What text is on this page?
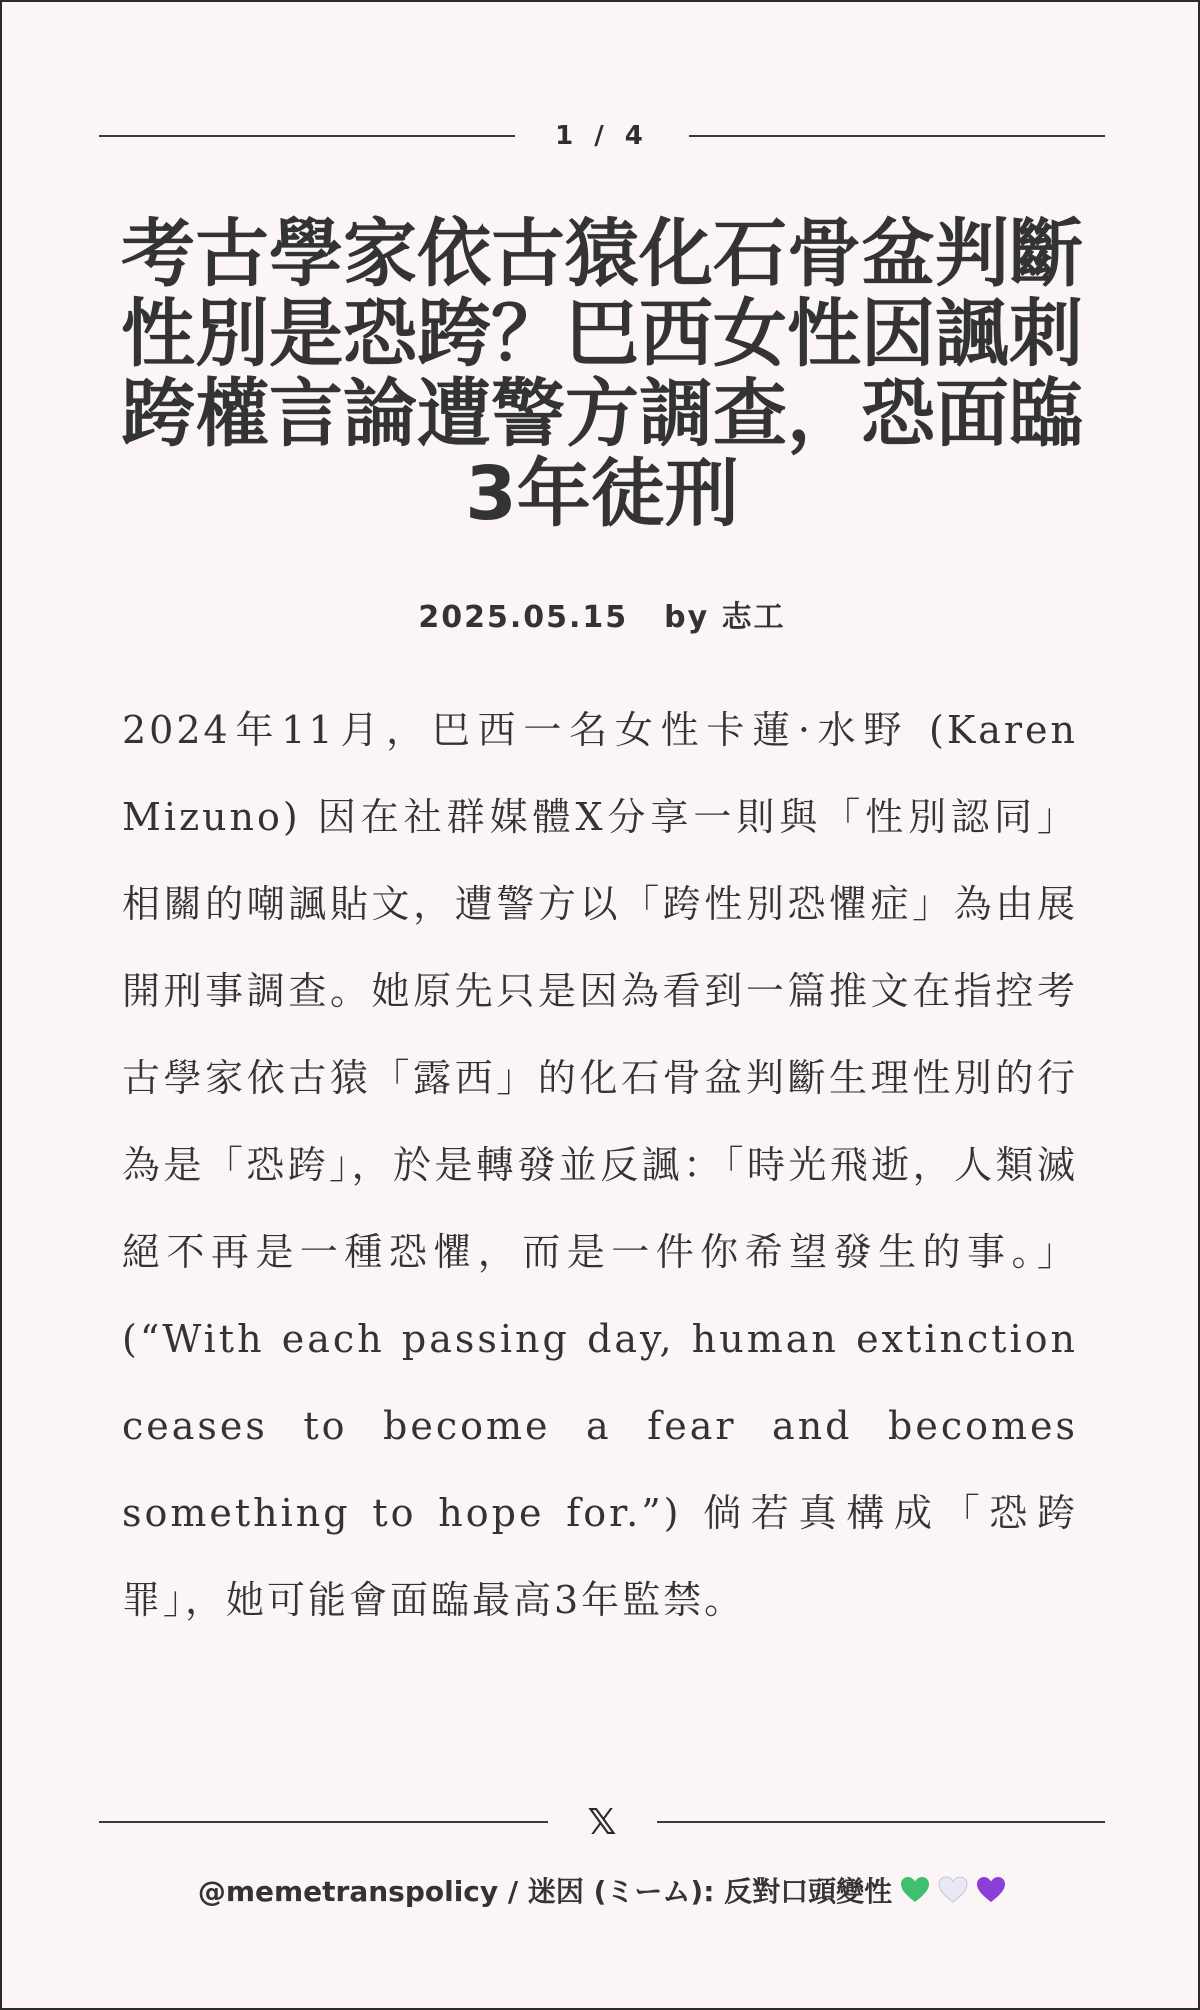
1 / 4
考古學家依古猿化石骨盆判斷性別是恐跨？巴西女性因諷刺跨權言論遭警方調查，恐面臨3年徒刑
2025.05.15 by 志工

2024年11月，巴西一名女性卡蓮·水野 (Karen Mizuno) 因在社群媒體X分享一則與「性別認同」相關的嘲諷貼文，遭警方以「跨性別恐懼症」為由展開刑事調查。她原先只是因為看到一篇推文在指控考古學家依古猿「露西」的化石骨盆判斷生理性別的行為是「恐跨」，於是轉發並反諷：「時光飛逝，人類滅絕不再是一種恐懼，而是一件你希望發生的事。」(“With each passing day, human extinction ceases to become a fear and becomes something to hope for.”) 倘若真構成「恐跨罪」，她可能會面臨最高3年監禁。

𝕏
@memetranspolicy / 迷因 (ミーム): 反對口頭變性
